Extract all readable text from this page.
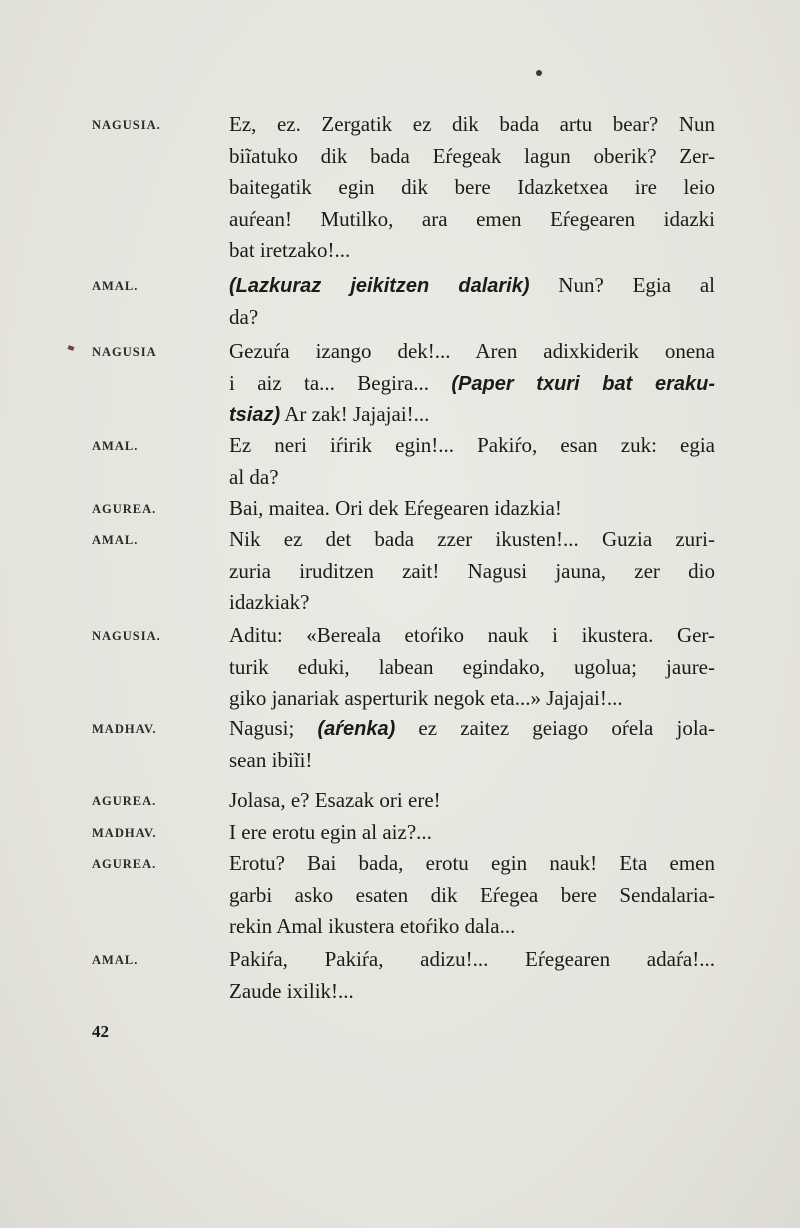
NAGUSIA.	Ez, ez. Zergatik ez dik bada artu bear? Nun
biĩatuko dik bada Eŕegeak lagun oberik? Zer-
baitegatik egin dik bere Idazketxea ire leio
auŕean! Mutilko, ara emen Eŕegearen idazki
bat iretzako!...
AMAL.	(Lazkuraz jeikitzen dalarik) Nun? Egia al
da?
NAGUSIA	Gezuŕa izango dek!... Aren adixkiderik onena
i aiz ta... Begira... (Paper txuri bat eraku-
tsiaz) Ar zak! Jajajai!...
AMAL.	Ez neri iŕirik egin!... Pakiŕo, esan zuk: egia
al da?
AGUREA.	Bai, maitea. Ori dek Eŕegearen idazkia!
AMAL.	Nik ez det bada zzer ikusten!... Guzia zuri-
zuria iruditzen zait! Nagusi jauna, zer dio
idazkiak?
NAGUSIA.	Aditu: «Bereala etoŕiko nauk i ikustera. Ger-
turik eduki, labean egindako, ugolua; jaure-
giko janariak asperturik negok eta...» Jajajai!...
MADHAV.	Nagusi; (aŕenka) ez zaitez geiago oŕela jola-
sean ibiĩi!
AGUREA.	Jolasa, e? Esazak ori ere!
MADHAV.	I ere erotu egin al aiz?...
AGUREA.	Erotu? Bai bada, erotu egin nauk! Eta emen
garbi asko esaten dik Eŕegea bere Sendalaria-
rekin Amal ikustera etoŕiko dala...
AMAL.	Pakiŕa, Pakiŕa, adizu!... Eŕegearen adaŕa!...
Zaude ixilik!...
42
